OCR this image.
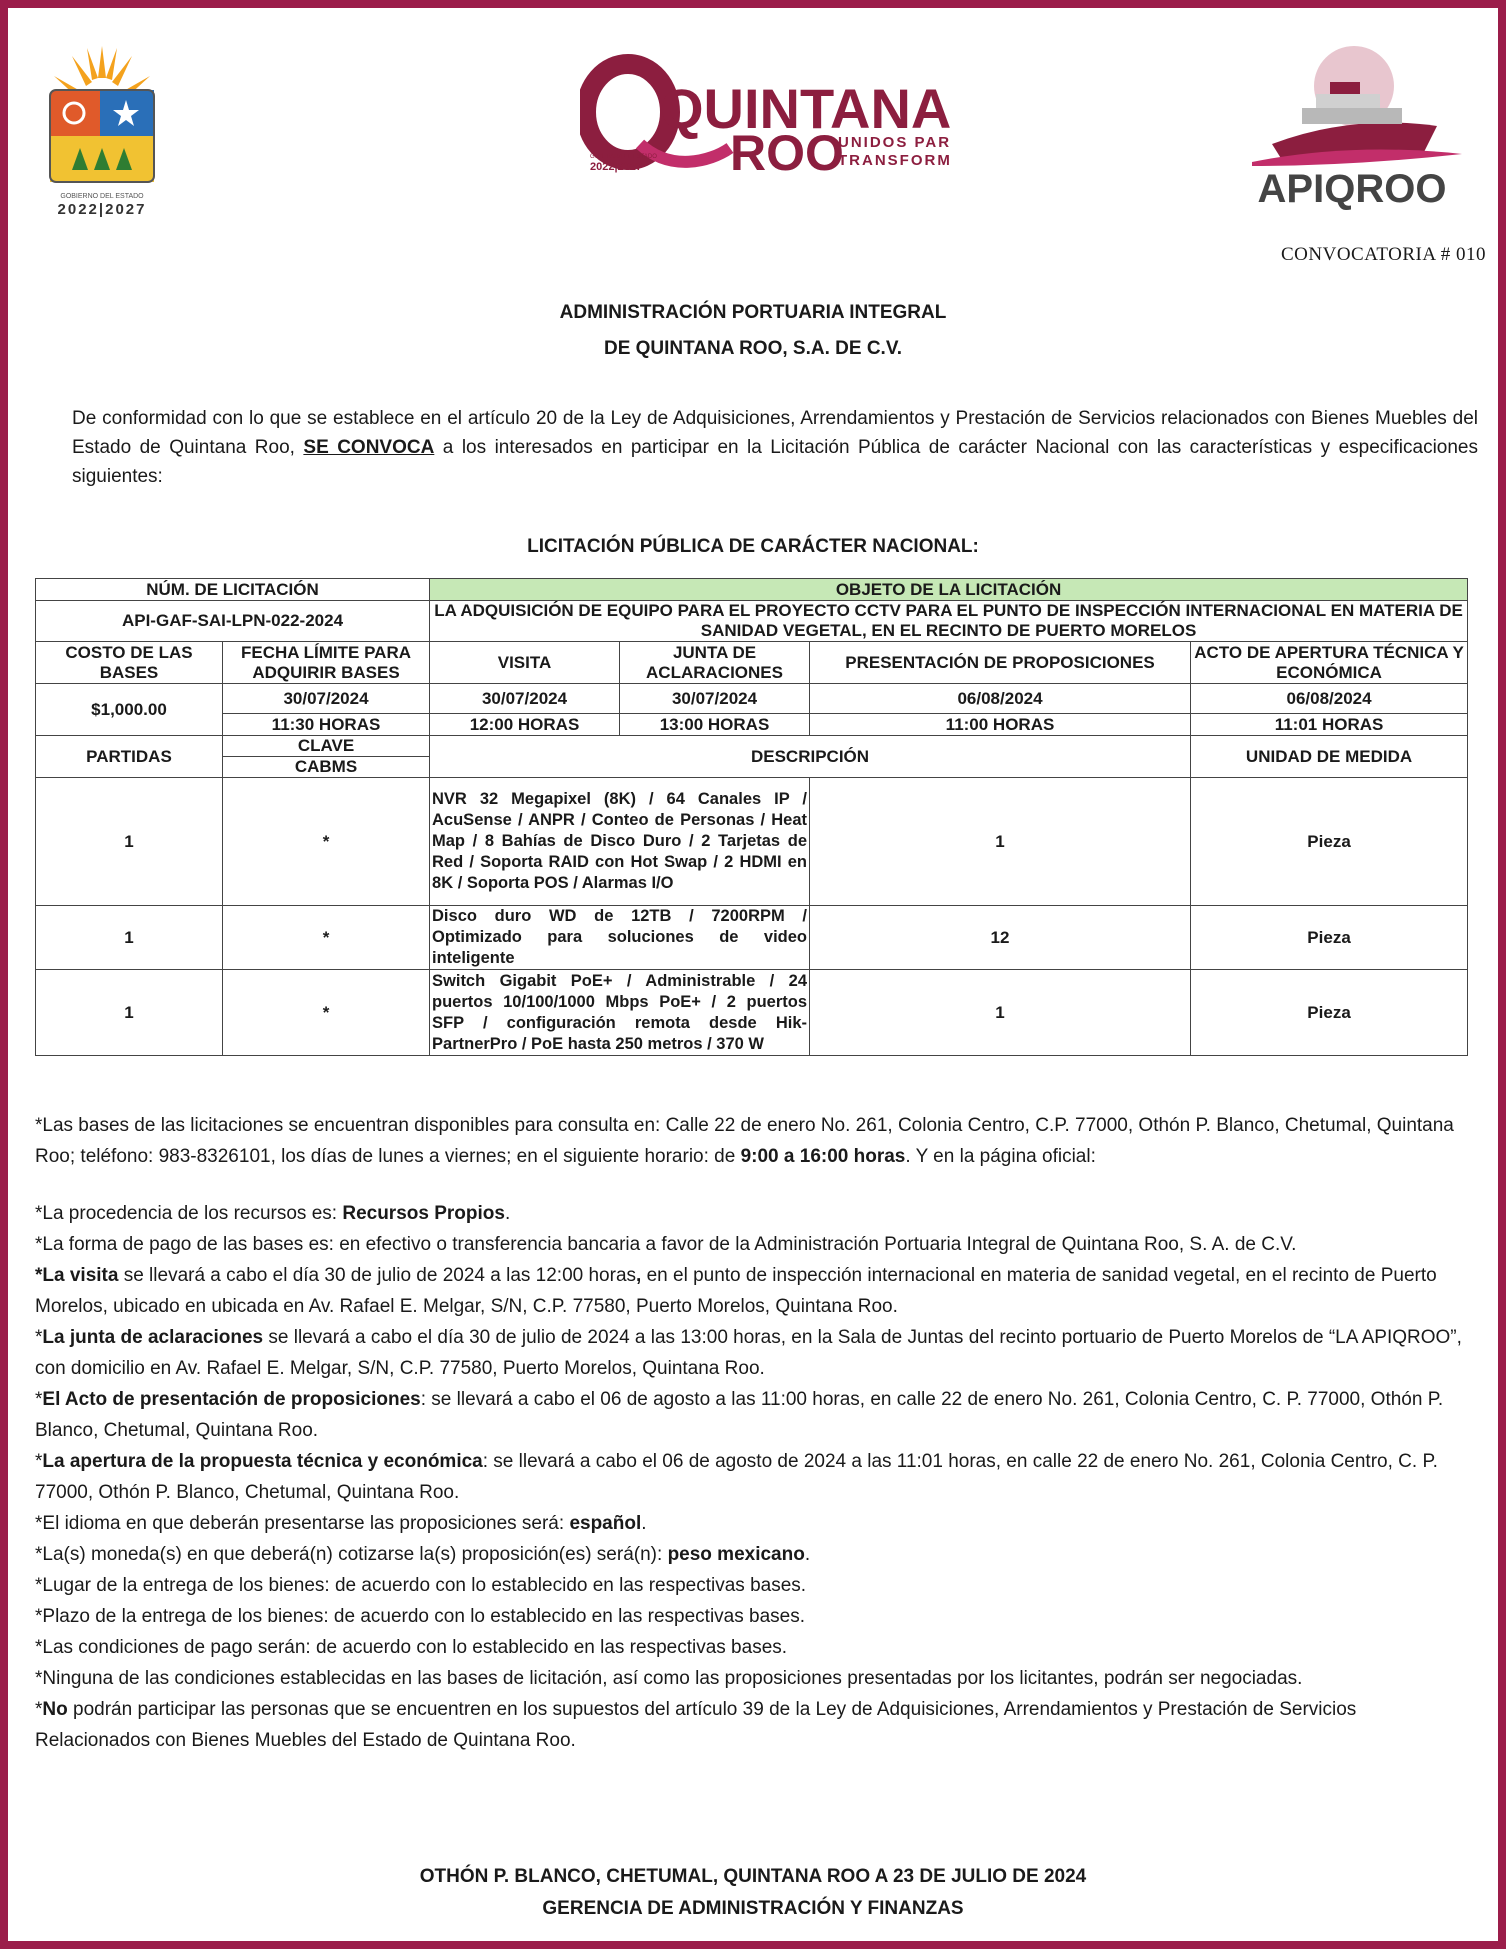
GOBIERNO DEL ESTADO
2022|2027
QUINTANA
ROO
UNIDOS PAR
TRANSFORM
GOB. PARA EL ESTADO
2022|2027	APIQROO
CONVOCATORIA # 010
ADMINISTRACIÓN PORTUARIA INTEGRAL
DE QUINTANA ROO, S.A. DE C.V.
De conformidad con lo que se establece en el artículo 20 de la Ley de Adquisiciones, Arrendamientos y Prestación de Servicios relacionados con Bienes Muebles del Estado de Quintana Roo, SE CONVOCA a los interesados en participar en la Licitación Pública de carácter Nacional con las características y especificaciones siguientes:
LICITACIÓN PÚBLICA DE CARÁCTER NACIONAL:
NÚM. DE LICITACIÓN		OBJETO DE LA LICITACIÓN			
API-GAF-SAI-LPN-022-2024		LA ADQUISICIÓN DE EQUIPO PARA EL PROYECTO CCTV PARA EL PUNTO DE INSPECCIÓN INTERNACIONAL EN MATERIA DE SANIDAD VEGETAL, EN EL RECINTO DE PUERTO MORELOS			
COSTO DE LAS BASES	FECHA LÍMITE PARA ADQUIRIR BASES	VISITA	JUNTA DE ACLARACIONES	PRESENTACIÓN DE PROPOSICIONES	ACTO DE APERTURA TÉCNICA Y ECONÓMICA
$1,000.00	30/07/2024	30/07/2024	30/07/2024	06/08/2024	06/08/2024
	11:30 HORAS	12:00 HORAS	13:00 HORAS	11:00 HORAS	11:01 HORAS
PARTIDAS	CLAVE	DESCRIPCIÓN			UNIDAD DE MEDIDA
	CABMS				
1	*	NVR 32 Megapixel (8K) / 64 Canales IP / AcuSense / ANPR / Conteo de Personas / Heat Map / 8 Bahías de Disco Duro / 2 Tarjetas de Red / Soporta RAID con Hot Swap / 2 HDMI en 8K / Soporta POS / Alarmas I/O		1	Pieza
1	*	Disco duro WD de 12TB / 7200RPM / Optimizado para soluciones de video inteligente		12	Pieza
1	*	Switch Gigabit PoE+ / Administrable / 24 puertos 10/100/1000 Mbps PoE+ / 2 puertos SFP / configuración remota desde Hik-PartnerPro / PoE hasta 250 metros / 370 W		1	Pieza

*Las bases de las licitaciones se encuentran disponibles para consulta en: Calle 22 de enero No. 261, Colonia Centro, C.P. 77000, Othón P. Blanco, Chetumal, Quintana Roo; teléfono: 983-8326101, los días de lunes a viernes; en el siguiente horario: de 9:00 a 16:00 horas. Y en la página oficial:

*La procedencia de los recursos es: Recursos Propios.

*La forma de pago de las bases es: en efectivo o transferencia bancaria a favor de la Administración Portuaria Integral de Quintana Roo, S. A. de C.V.

*La visita se llevará a cabo el día 30 de julio de 2024 a las 12:00 horas, en el punto de inspección internacional en materia de sanidad vegetal, en el recinto de Puerto Morelos, ubicado en ubicada en Av. Rafael E. Melgar, S/N, C.P. 77580, Puerto Morelos, Quintana Roo.

*La junta de aclaraciones se llevará a cabo el día 30 de julio de 2024 a las 13:00 horas, en la Sala de Juntas del recinto portuario de Puerto Morelos de “LA APIQROO”, con domicilio en Av. Rafael E. Melgar, S/N, C.P. 77580, Puerto Morelos, Quintana Roo.

*El Acto de presentación de proposiciones: se llevará a cabo el 06 de agosto a las 11:00 horas, en calle 22 de enero No. 261, Colonia Centro, C. P. 77000, Othón P. Blanco, Chetumal, Quintana Roo.

*La apertura de la propuesta técnica y económica: se llevará a cabo el 06 de agosto de 2024 a las 11:01 horas, en calle 22 de enero No. 261, Colonia Centro, C. P. 77000, Othón P. Blanco, Chetumal, Quintana Roo.

*El idioma en que deberán presentarse las proposiciones será: español.

*La(s) moneda(s) en que deberá(n) cotizarse la(s) proposición(es) será(n): peso mexicano.

*Lugar de la entrega de los bienes: de acuerdo con lo establecido en las respectivas bases.

*Plazo de la entrega de los bienes: de acuerdo con lo establecido en las respectivas bases.

*Las condiciones de pago serán: de acuerdo con lo establecido en las respectivas bases.

*Ninguna de las condiciones establecidas en las bases de licitación, así como las proposiciones presentadas por los licitantes, podrán ser negociadas.

*No podrán participar las personas que se encuentren en los supuestos del artículo 39 de la Ley de Adquisiciones, Arrendamientos y Prestación de Servicios Relacionados con Bienes Muebles del Estado de Quintana Roo.

OTHÓN P. BLANCO, CHETUMAL, QUINTANA ROO A 23 DE JULIO DE 2024
GERENCIA DE ADMINISTRACIÓN Y FINANZAS
